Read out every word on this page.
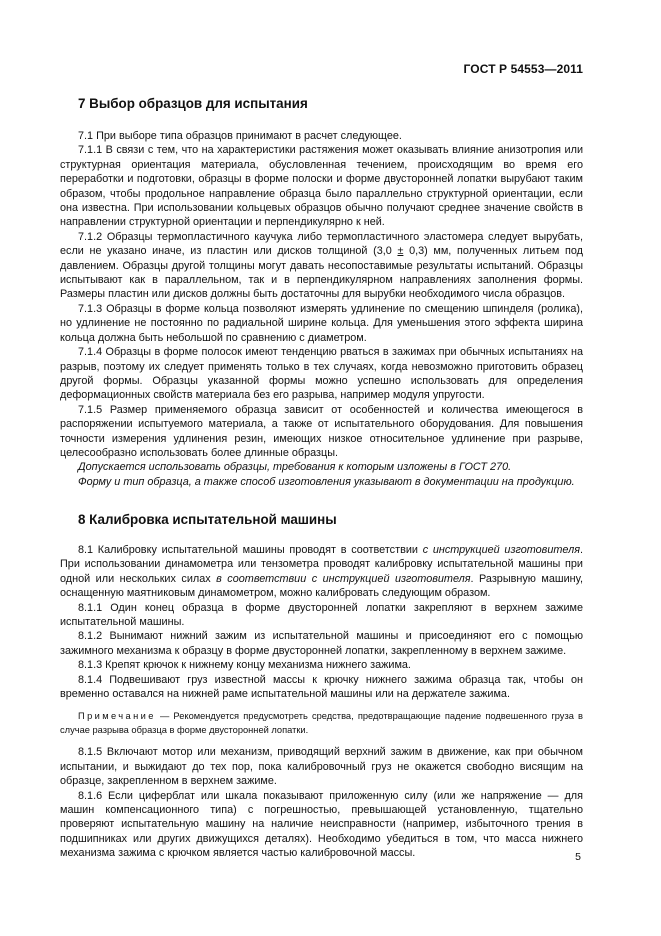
ГОСТ Р 54553—2011
7 Выбор образцов для испытания

7.1 При выборе типа образцов принимают в расчет следующее.

7.1.1 В связи с тем, что на характеристики растяжения может оказывать влияние анизотропия или структурная ориентация материала, обусловленная течением, происходящим во время его переработки и подготовки, образцы в форме полоски и форме двусторонней лопатки вырубают таким образом, чтобы продольное направление образца было параллельно структурной ориентации, если она известна. При использовании кольцевых образцов обычно получают среднее значение свойств в направлении структурной ориентации и перпендикулярно к ней.

7.1.2 Образцы термопластичного каучука либо термопластичного эластомера следует вырубать, если не указано иначе, из пластин или дисков толщиной (3,0 ± 0,3) мм, полученных литьем под давлением. Образцы другой толщины могут давать несопоставимые результаты испытаний. Образцы испытывают как в параллельном, так и в перпендикулярном направлениях заполнения формы. Размеры пластин или дисков должны быть достаточны для вырубки необходимого числа образцов.

7.1.3 Образцы в форме кольца позволяют измерять удлинение по смещению шпинделя (ролика), но удлинение не постоянно по радиальной ширине кольца. Для уменьшения этого эффекта ширина кольца должна быть небольшой по сравнению с диаметром.

7.1.4 Образцы в форме полосок имеют тенденцию рваться в зажимах при обычных испытаниях на разрыв, поэтому их следует применять только в тех случаях, когда невозможно приготовить образец другой формы. Образцы указанной формы можно успешно использовать для определения деформационных свойств материала без его разрыва, например модуля упругости.

7.1.5 Размер применяемого образца зависит от особенностей и количества имеющегося в распоряжении испытуемого материала, а также от испытательного оборудования. Для повышения точности измерения удлинения резин, имеющих низкое относительное удлинение при разрыве, целесообразно использовать более длинные образцы.

Допускается использовать образцы, требования к которым изложены в ГОСТ 270.

Форму и тип образца, а также способ изготовления указывают в документации на продукцию.

8 Калибровка испытательной машины

8.1 Калибровку испытательной машины проводят в соответствии с инструкцией изготовителя. При использовании динамометра или тензометра проводят калибровку испытательной машины при одной или нескольких силах в соответствии с инструкцией изготовителя. Разрывную машину, оснащенную маятниковым динамометром, можно калибровать следующим образом.

8.1.1 Один конец образца в форме двусторонней лопатки закрепляют в верхнем зажиме испытательной машины.

8.1.2 Вынимают нижний зажим из испытательной машины и присоединяют его с помощью зажимного механизма к образцу в форме двусторонней лопатки, закрепленному в верхнем зажиме.

8.1.3 Крепят крючок к нижнему концу механизма нижнего зажима.

8.1.4 Подвешивают груз известной массы к крючку нижнего зажима образца так, чтобы он временно оставался на нижней раме испытательной машины или на держателе зажима.

Примечание — Рекомендуется предусмотреть средства, предотвращающие падение подвешенного груза в случае разрыва образца в форме двусторонней лопатки.

8.1.5 Включают мотор или механизм, приводящий верхний зажим в движение, как при обычном испытании, и выжидают до тех пор, пока калибровочный груз не окажется свободно висящим на образце, закрепленном в верхнем зажиме.

8.1.6 Если циферблат или шкала показывают приложенную силу (или же напряжение — для машин компенсационного типа) с погрешностью, превышающей установленную, тщательно проверяют испытательную машину на наличие неисправности (например, избыточного трения в подшипниках или других движущихся деталях). Необходимо убедиться в том, что масса нижнего механизма зажима с крючком является частью калибровочной массы.	5
